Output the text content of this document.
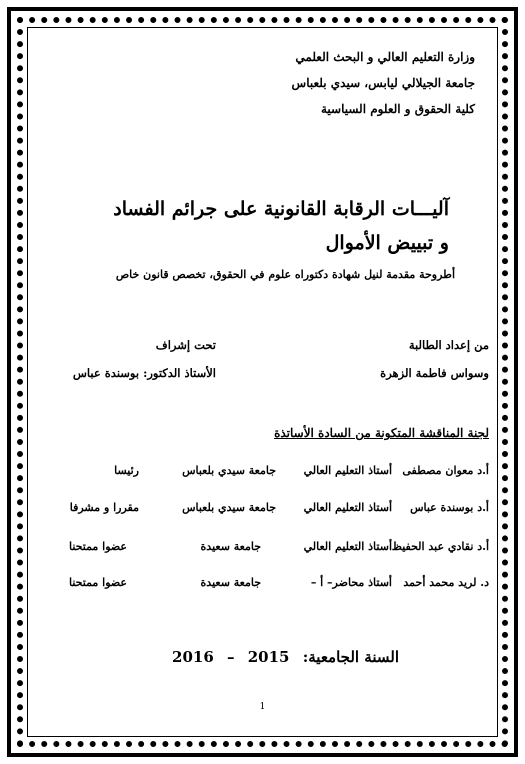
وزارة التعليم العالي و البحث العلمي
جامعة الجيلالي ليابس، سيدي بلعباس
كلية الحقوق و العلوم السياسية
آليـــات الرقابة القانونية على جرائم الفساد
و تبييض الأموال
أطروحة مقدمة لنيل شهادة دكتوراه علوم في الحقوق، تخصص قانون خاص
من إعداد الطالبة
وسواس فاطمة الزهرة
تحت إشراف
الأستاذ الدكتور: بوسندة عباس
لجنة المناقشة المتكونة من السادة الأساتذة
أ.د معوان مصطفى
أستاذ التعليم العالي
جامعة سيدي بلعباس
رئيسا
أ.د بوسندة عباس
أستاذ التعليم العالي
جامعة سيدي بلعباس
مقررا و مشرفا
أ.د نقادي عبد الحفيظ
أستاذ التعليم العالي
جامعة سعيدة
عضوا ممتحنا
د. لريد محمد أحمد
أستاذ محاضر– أ –
جامعة سعيدة
عضوا ممتحنا
السنة الجامعية: 2015 – 2016
1
